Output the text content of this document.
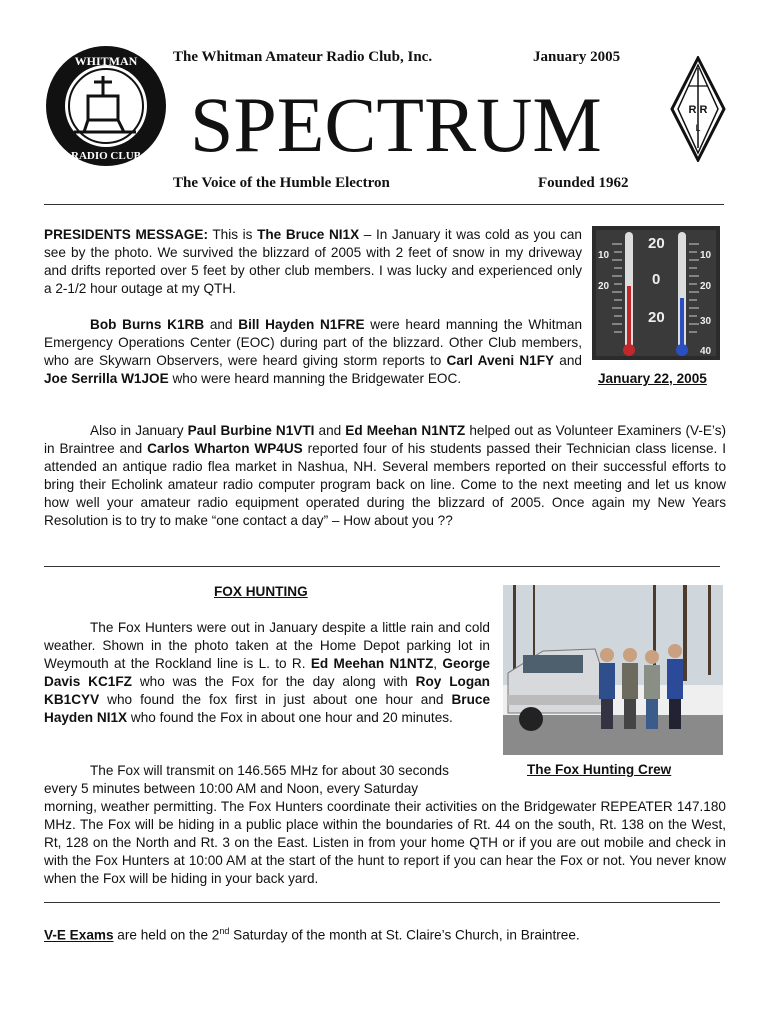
WHITMAN
RADIO CLUB
The Whitman Amateur Radio Club, Inc.	January 2005
SPECTRUM
The Voice of the Humble Electron	Founded 1962
R R
L
PRESIDENTS MESSAGE: This is The Bruce NI1X – In January it was cold as you can see by the photo. We survived the blizzard of 2005 with 2 feet of snow in my driveway and drifts reported over 5 feet by other club members. I was lucky and experienced only a 2-1/2 hour outage at my QTH.
Bob Burns K1RB and Bill Hayden N1FRE were heard manning the Whitman Emergency Operations Center (EOC) during part of the blizzard. Other Club members, who are Skywarn Observers, were heard giving storm reports to Carl Aveni N1FY and Joe Serrilla W1JOE who were heard manning the Bridgewater EOC.
10
20
20
0
20
10
20
30
40
January 22, 2005
Also in January Paul Burbine N1VTI and Ed Meehan N1NTZ helped out as Volunteer Examiners (V-E’s) in Braintree and Carlos Wharton WP4US reported four of his students passed their Technician class license. I attended an antique radio flea market in Nashua, NH. Several members reported on their successful efforts to bring their Echolink amateur radio computer program back on line. Come to the next meeting and let us know how well your amateur radio equipment operated during the blizzard of 2005. Once again my New Years Resolution is to try to make “one contact a day” – How about you ??
FOX HUNTING
The Fox Hunters were out in January despite a little rain and cold weather. Shown in the photo taken at the Home Depot parking lot in Weymouth at the Rockland line is L. to R. Ed Meehan N1NTZ, George Davis KC1FZ who was the Fox for the day along with Roy Logan KB1CYV who found the fox first in just about one hour and Bruce Hayden NI1X who found the Fox in about one hour and 20 minutes.
The Fox will transmit on 146.565 MHz for about 30 seconds	The Fox Hunting Crew
every 5 minutes between 10:00 AM and Noon, every Saturday
morning, weather permitting. The Fox Hunters coordinate their activities on the Bridgewater REPEATER 147.180 MHz. The Fox will be hiding in a public place within the boundaries of Rt. 44 on the south, Rt. 138 on the West, Rt, 128 on the North and Rt. 3 on the East. Listen in from your home QTH or if you are out mobile and check in with the Fox Hunters at 10:00 AM at the start of the hunt to report if you can hear the Fox or not. You never know when the Fox will be hiding in your back yard.
V-E Exams are held on the 2nd Saturday of the month at St. Claire’s Church, in Braintree.
